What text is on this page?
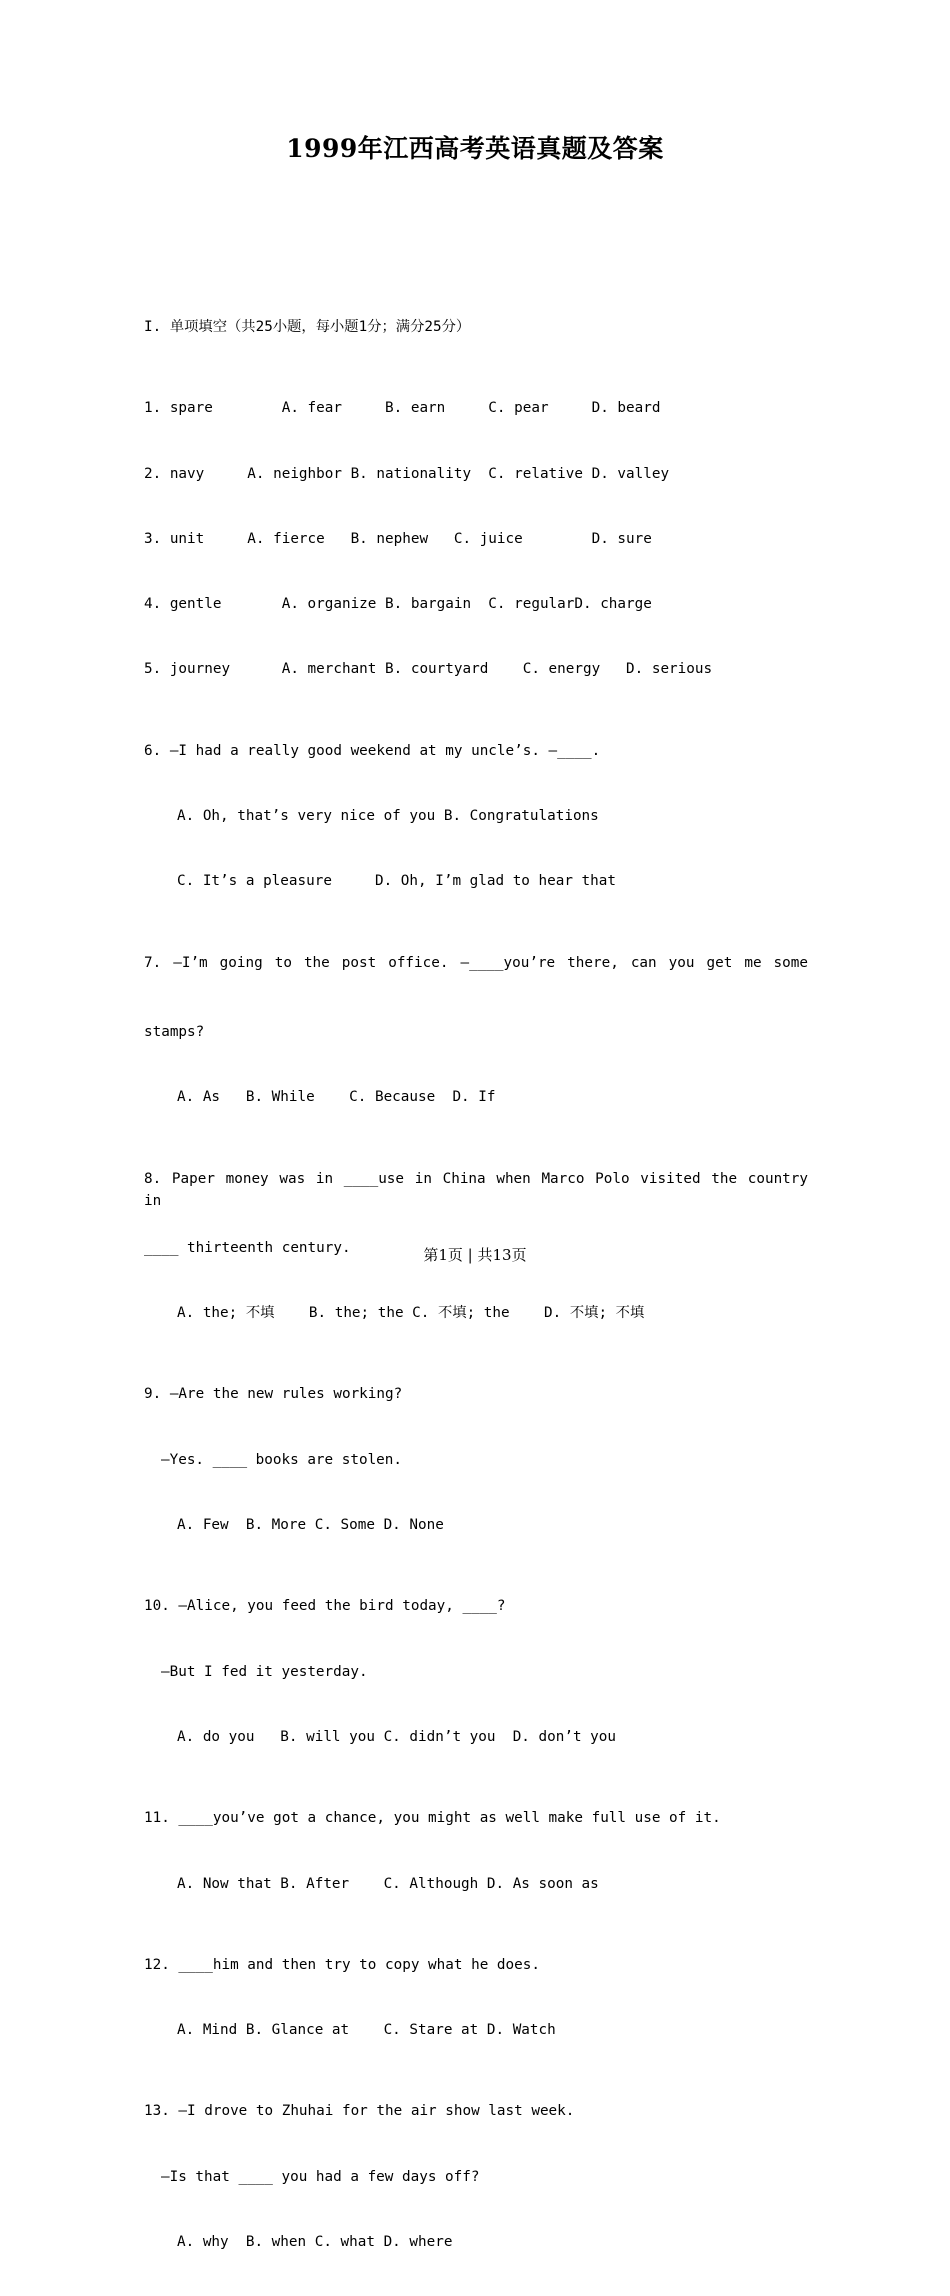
1999年江西高考英语真题及答案

I. 单项填空（共25小题，每小题1分；满分25分）

1. spare        A. fear     B. earn     C. pear     D. beard

2. navy     A. neighbor B. nationality  C. relative D. valley

3. unit     A. fierce   B. nephew   C. juice        D. sure

4. gentle       A. organize B. bargain  C. regularD. charge

5. journey      A. merchant B. courtyard    C. energy   D. serious

6. —I had a really good weekend at my uncle’s. —____.

A. Oh, that’s very nice of you B. Congratulations

C. It’s a pleasure     D. Oh, I’m glad to hear that

7. —I’m going to the post office. —____you’re there, can you get me some

stamps?

A. As   B. While    C. Because  D. If

8. Paper money was in ____use in China when Marco Polo visited the country in

____ thirteenth century.

A. the; 不填    B. the; the C. 不填; the    D. 不填; 不填

9. —Are the new rules working?

—Yes. ____ books are stolen.

A. Few  B. More C. Some D. None

10. —Alice, you feed the bird today, ____?

—But I fed it yesterday.

A. do you   B. will you C. didn’t you  D. don’t you

11. ____you’ve got a chance, you might as well make full use of it.

A. Now that B. After    C. Although D. As soon as

12. ____him and then try to copy what he does.

A. Mind B. Glance at    C. Stare at D. Watch

13. —I drove to Zhuhai for the air show last week.

—Is that ____ you had a few days off?

A. why  B. when C. what D. where

第1页 | 共13页
